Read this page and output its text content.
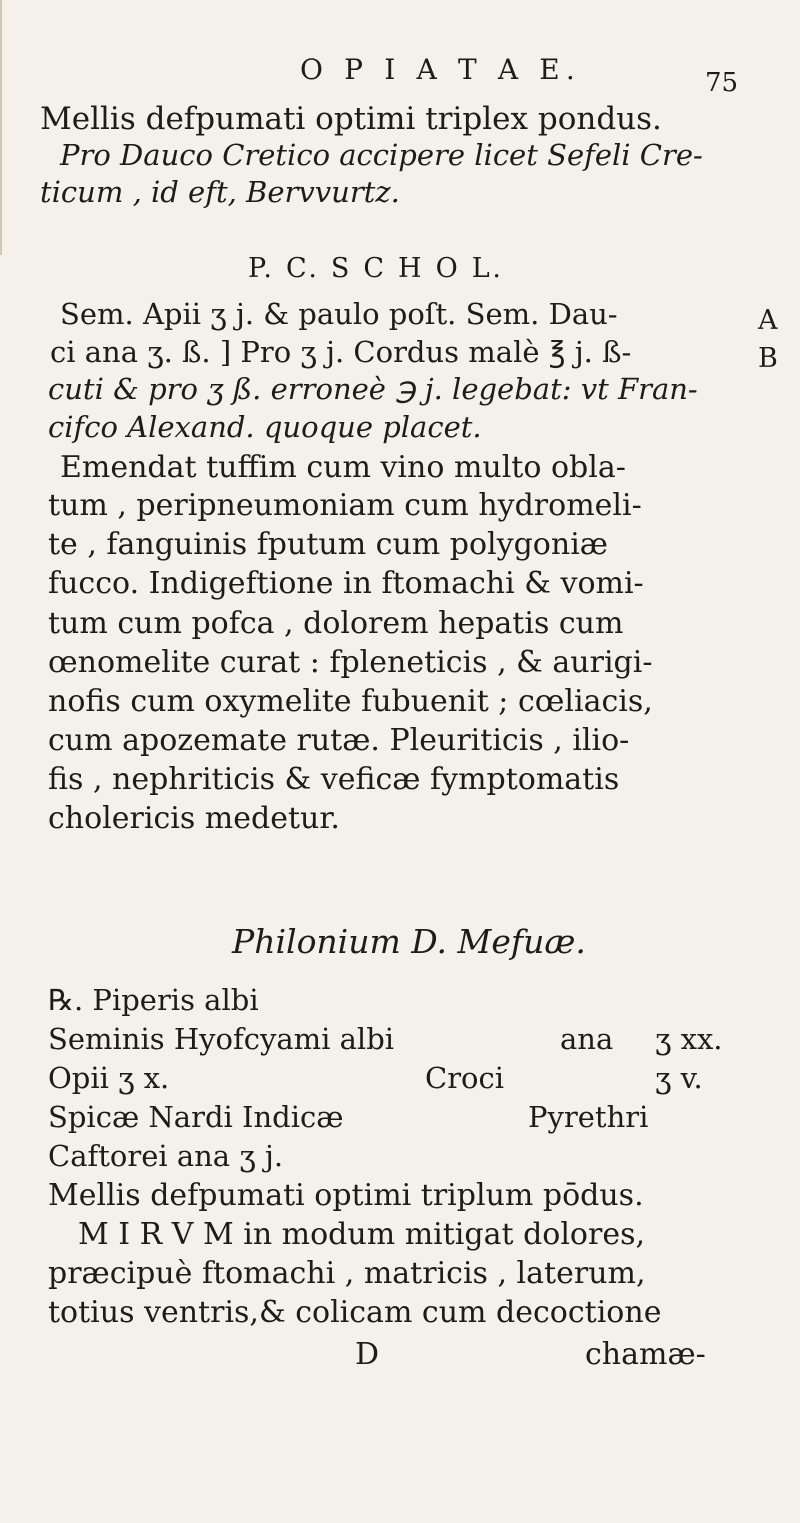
O P I A T A E.	75
Mellis defpumati optimi triplex pondus.
Pro Dauco Cretico accipere licet Sefeli Cre-
ticum , id eft, Bervvurtz.
P. C. S C H O L.
Sem. Apii ʒ j. & paulo poſt. Sem. Dau-
ci ana ʒ. ß. ] Pro ʒ j. Cordus malè ℥ j. ß-
cuti & pro ʒ ß. erroneè ℈ j. legebat: vt Fran-
cifco Alexand. quoque placet.
Emendat tuffim cum vino multo obla-
tum , peripneumoniam cum hydromeli-
te , fanguinis fputum cum polygoniæ
fucco. Indigeftione in ftomachi & vomi-
tum cum pofca , dolorem hepatis cum
œnomelite curat : fpleneticis , & aurigi-
nofis cum oxymelite fubuenit ; cœliacis,
cum apozemate rutæ. Pleuriticis , ilio-
fis , nephriticis & veficæ fymptomatis
cholericis medetur.
A
B
Philonium D. Mefuæ.
℞. Piperis albi
Seminis Hyofcyami albi	ana ʒ xx.
Opii ʒ x.	Croci	ʒ v.
Spicæ Nardi Indicæ	Pyrethri
Caftorei ana ʒ j.
Mellis defpumati optimi triplum pōdus.
M I R V M in modum mitigat dolores,
præcipuè ftomachi , matricis , laterum,
totius ventris,& colicam cum decoctione
D	chamæ-
